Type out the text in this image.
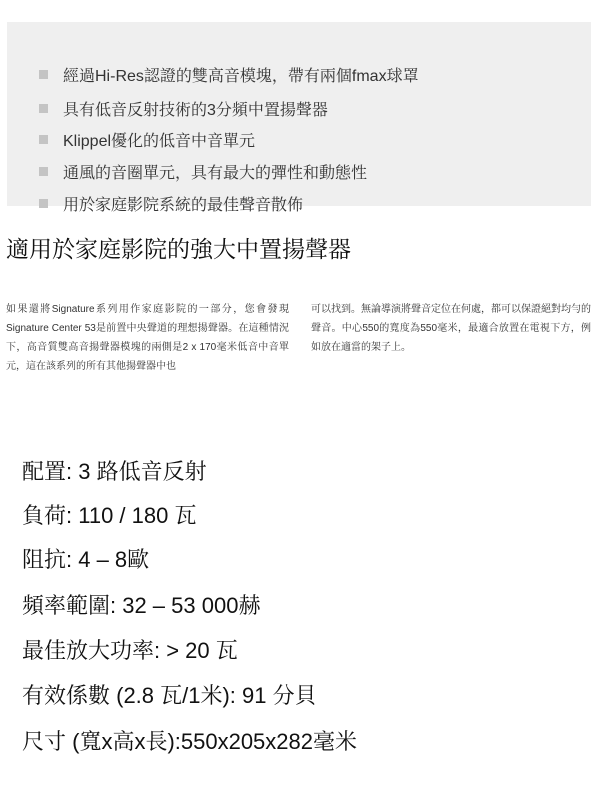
經過Hi-Res認證的雙高音模塊，帶有兩個fmax球罩
具有低音反射技術的3分頻中置揚聲器
Klippel優化的低音中音單元
通風的音圈單元，具有最大的彈性和動態性
用於家庭影院系統的最佳聲音散佈
適用於家庭影院的強大中置揚聲器
如果還將Signature系列用作家庭影院的一部分，您會發現Signature Center 53是前置中央聲道的理想揚聲器。在這種情況下，高音質雙高音揚聲器模塊的兩側是2 x 170毫米低音中音單元，這在該系列的所有其他揚聲器中也
可以找到。無論導演將聲音定位在何處，都可以保證絕對均勻的聲音。中心550的寬度為550毫米，最適合放置在電視下方，例如放在適當的架子上。
配置: 3 路低音反射
負荷: 110 / 180 瓦
阻抗: 4 – 8歐
頻率範圍: 32 – 53 000赫
最佳放大功率: > 20 瓦
有效係數 (2.8 瓦/1米): 91 分貝
尺寸 (寬x高x長):550x205x282毫米
